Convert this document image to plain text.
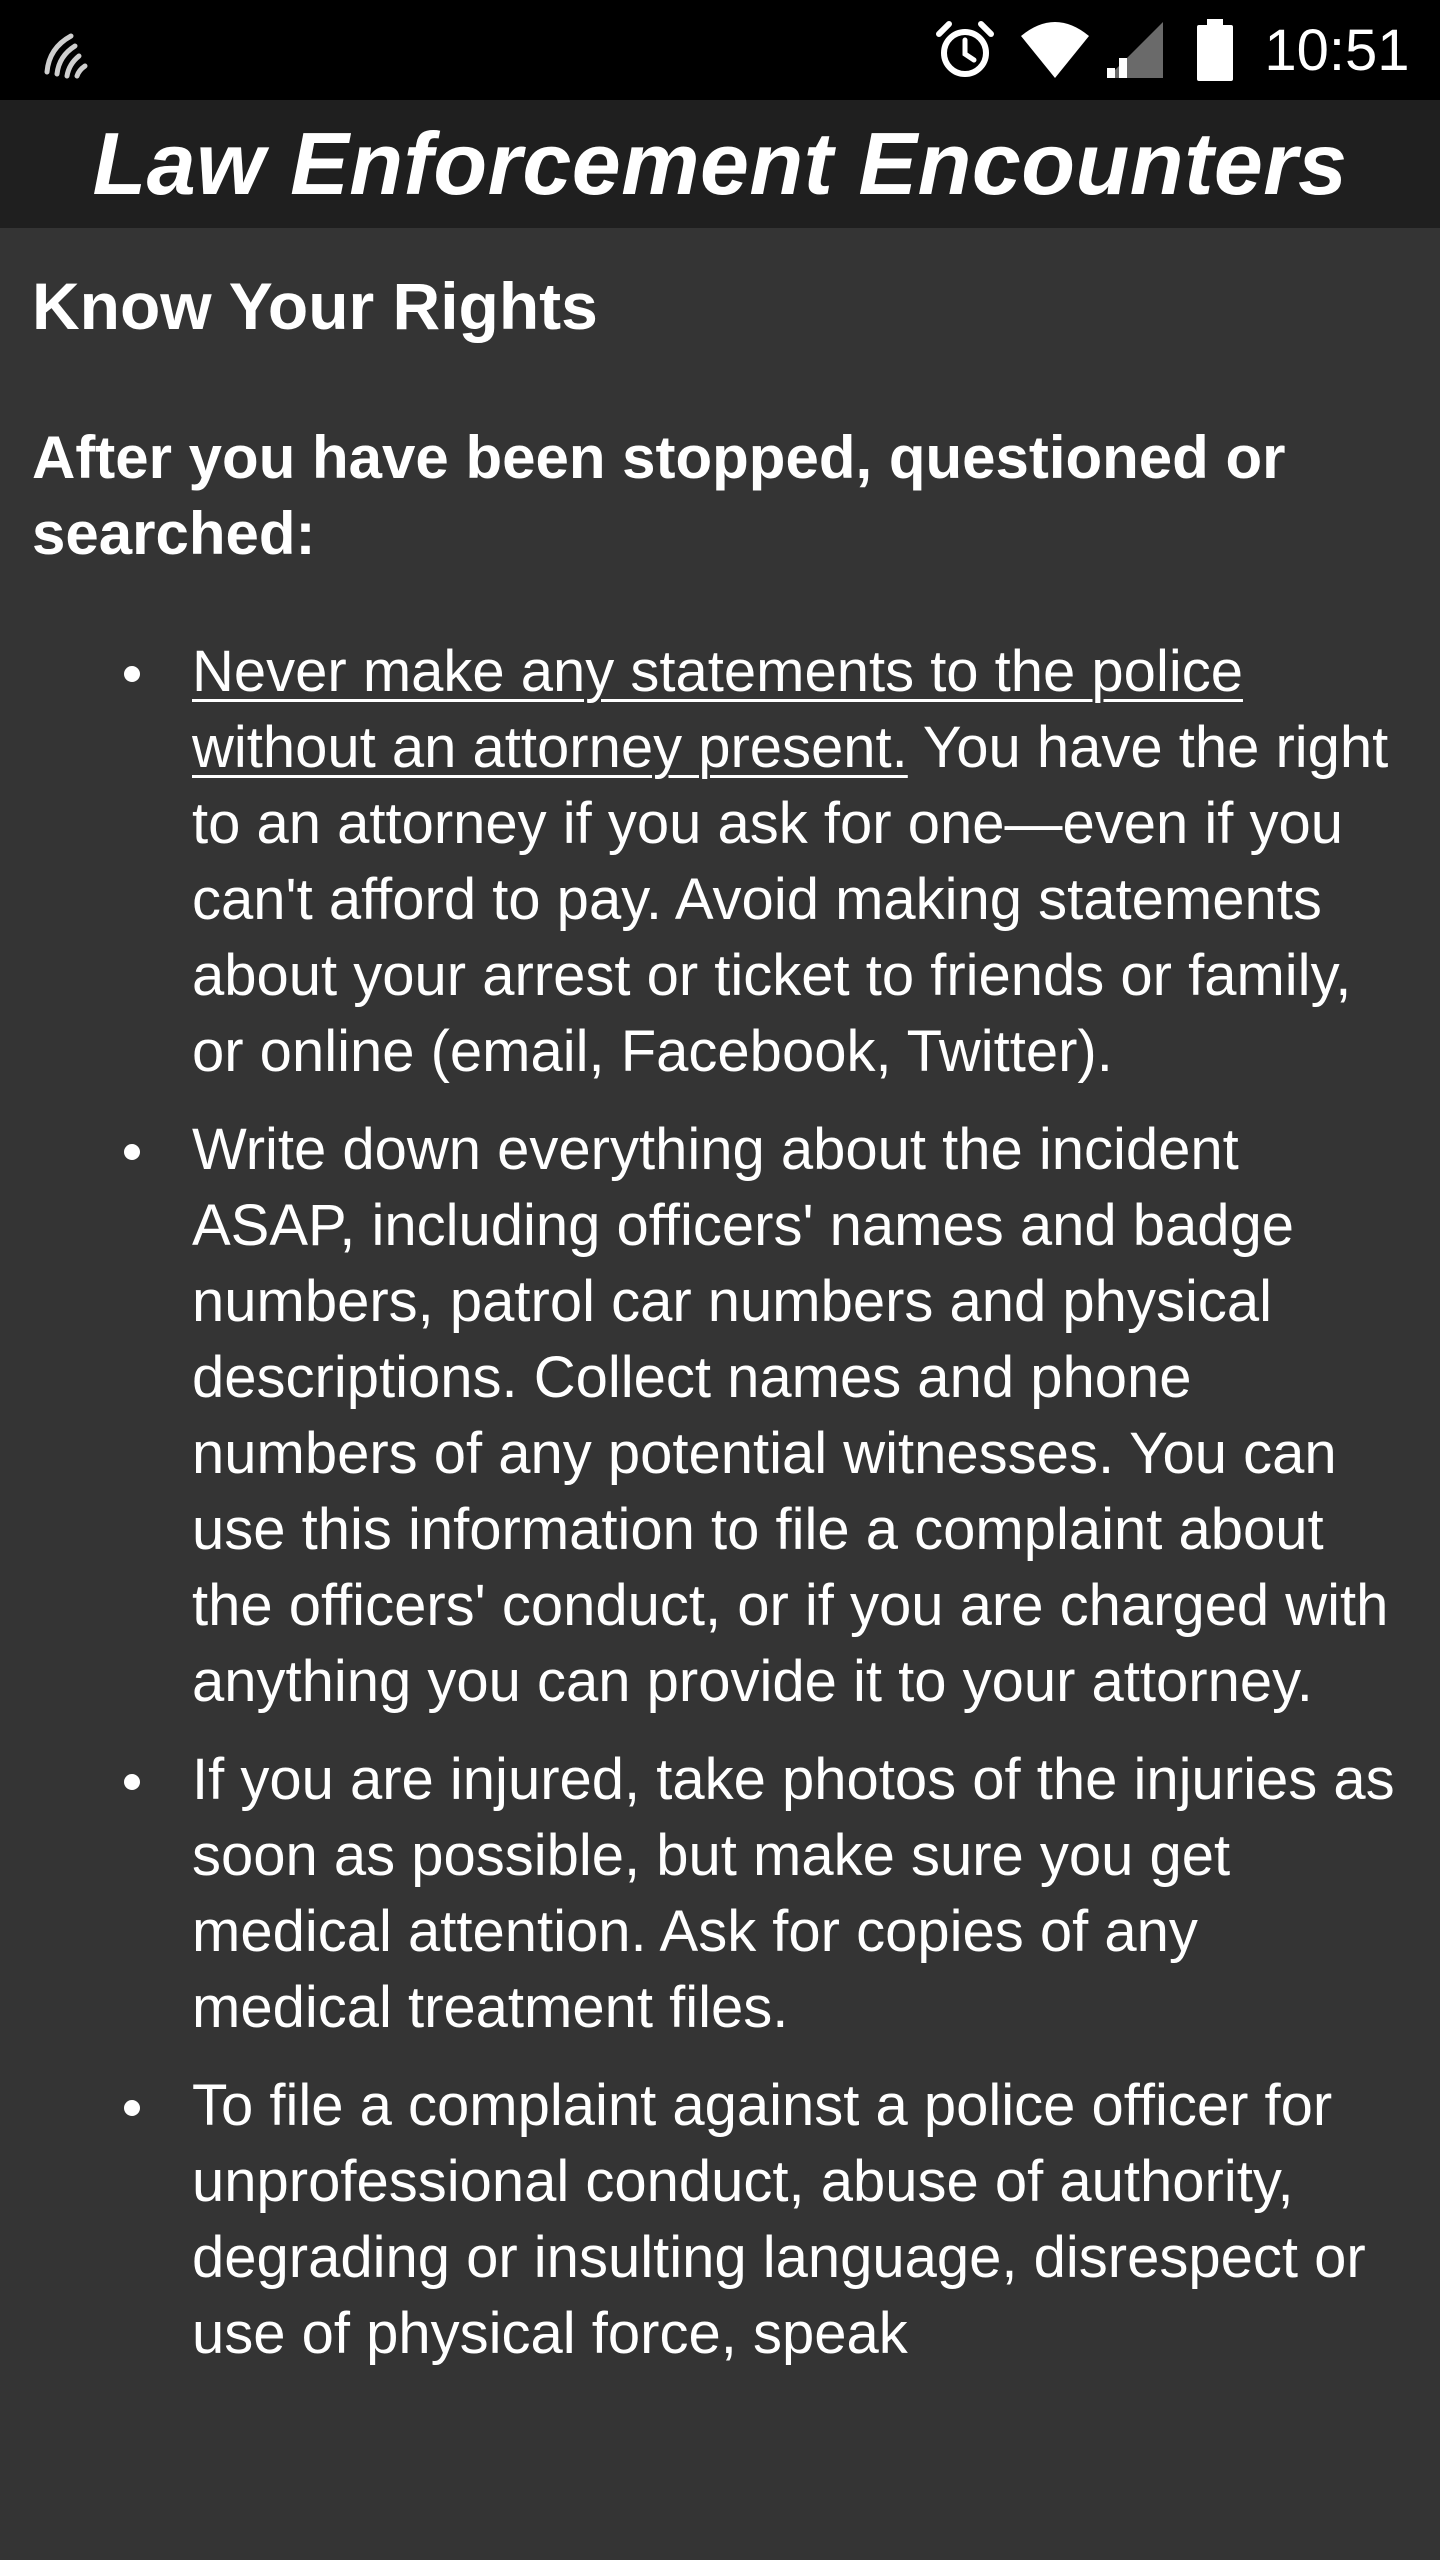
10:51
Law Enforcement Encounters
Know Your Rights
After you have been stopped, questioned or searched:
Never make any statements to the police without an attorney present. You have the right to an attorney if you ask for one—even if you can't afford to pay. Avoid making statements about your arrest or ticket to friends or family, or online (email, Facebook, Twitter).
Write down everything about the incident ASAP, including officers' names and badge numbers, patrol car numbers and physical descriptions. Collect names and phone numbers of any potential witnesses. You can use this information to file a complaint about the officers' conduct, or if you are charged with anything you can provide it to your attorney.
If you are injured, take photos of the injuries as soon as possible, but make sure you get medical attention. Ask for copies of any medical treatment files.
To file a complaint against a police officer for unprofessional conduct, abuse of authority, degrading or insulting language, disrespect or use of physical force, speak
